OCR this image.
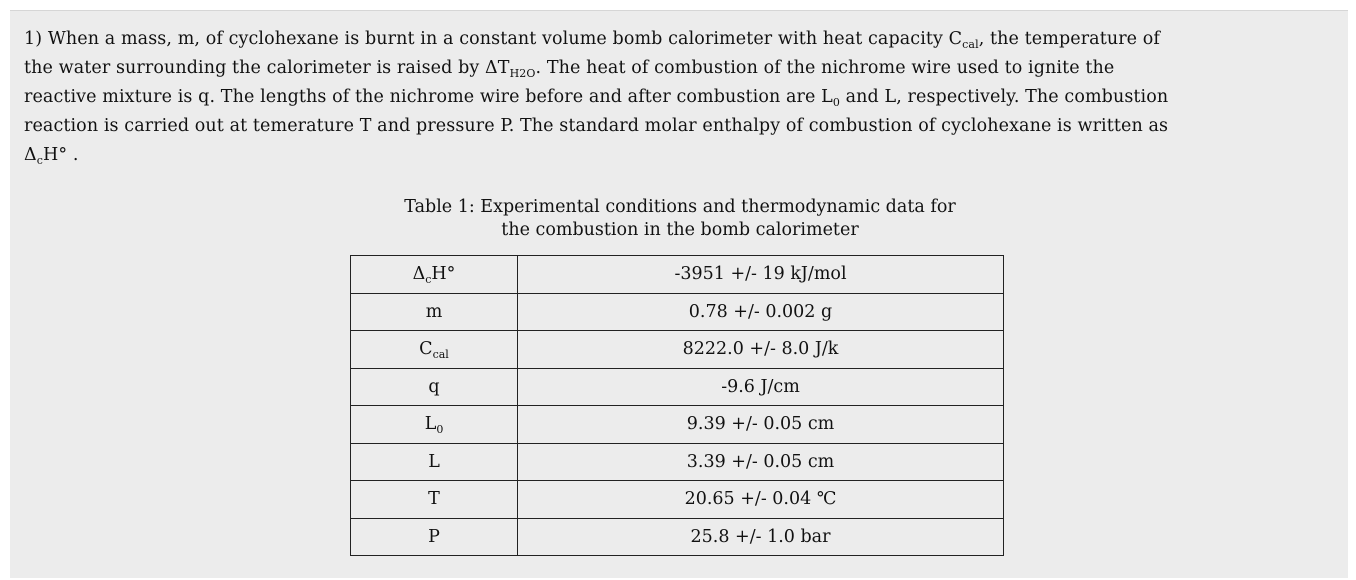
1) When a mass, m, of cyclohexane is burnt in a constant volume bomb calorimeter with heat capacity $C_{cal}$, the temperature of
the water surrounding the calorimeter is raised by $\Delta T_{H2O}$. The heat of combustion of the nichrome wire used to ignite the
reactive mixture is q. The lengths of the nichrome wire before and after combustion are $L_0$ and L, respectively. The combustion
reaction is carried out at temerature T and pressure P. The standard molar enthalpy of combustion of cyclohexane is written as
$\Delta_cH^\circ$ .

Table 1: Experimental conditions and thermodynamic data for
the combustion in the bomb calorimeter
$\Delta_cH^\circ$	-3951 +/- 19 kJ/mol
m	0.78 +/- 0.002 g
$C_{cal}$	8222.0 +/- 8.0 J/k
q	-9.6 J/cm
$L_0$	9.39 +/- 0.05 cm
L	3.39 +/- 0.05 cm
T	20.65 +/- 0.04 ℃
P	25.8 +/- 1.0 bar
